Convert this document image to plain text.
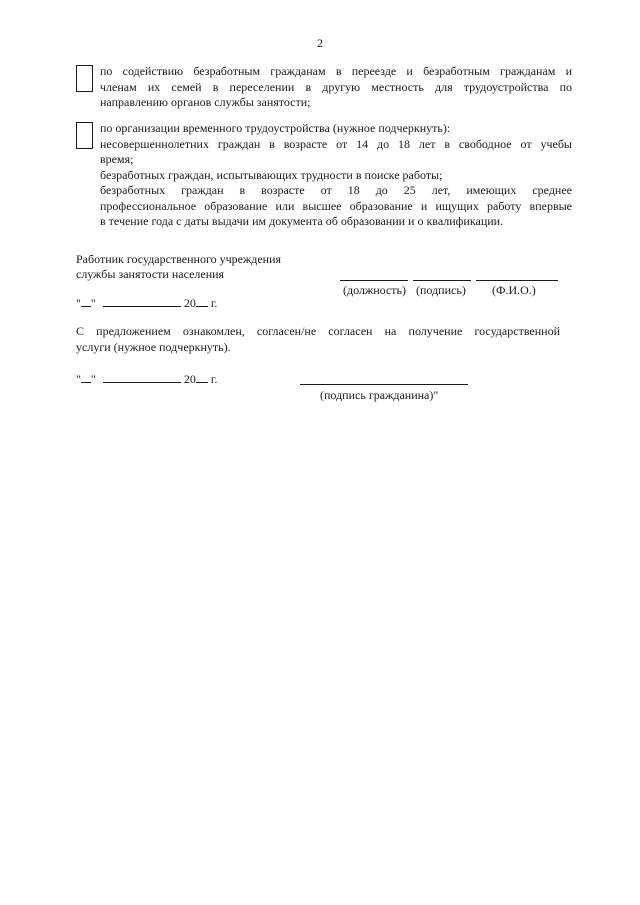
2
по содействию безработным гражданам в переезде и безработным гражданам и
членам их семей в переселении в другую местность для трудоустройства по
направлению органов службы занятости;
по организации временного трудоустройства (нужное подчеркнуть):
несовершеннолетних граждан в возрасте от 14 до 18 лет в свободное от учебы
время;
безработных граждан, испытывающих трудности в поиске работы;
безработных граждан в возрасте от 18 до 25 лет, имеющих среднее
профессиональное образование или высшее образование и ищущих работу впервые
в течение года с даты выдачи им документа об образовании и о квалификации.
Работник государственного учреждения
службы занятости населения
(должность) (подпись) (Ф.И.О.)
" "	20 г.
С предложением ознакомлен, согласен/не согласен на получение государственной
услуги (нужное подчеркнуть).
" "	20 г.
(подпись гражданина)"
